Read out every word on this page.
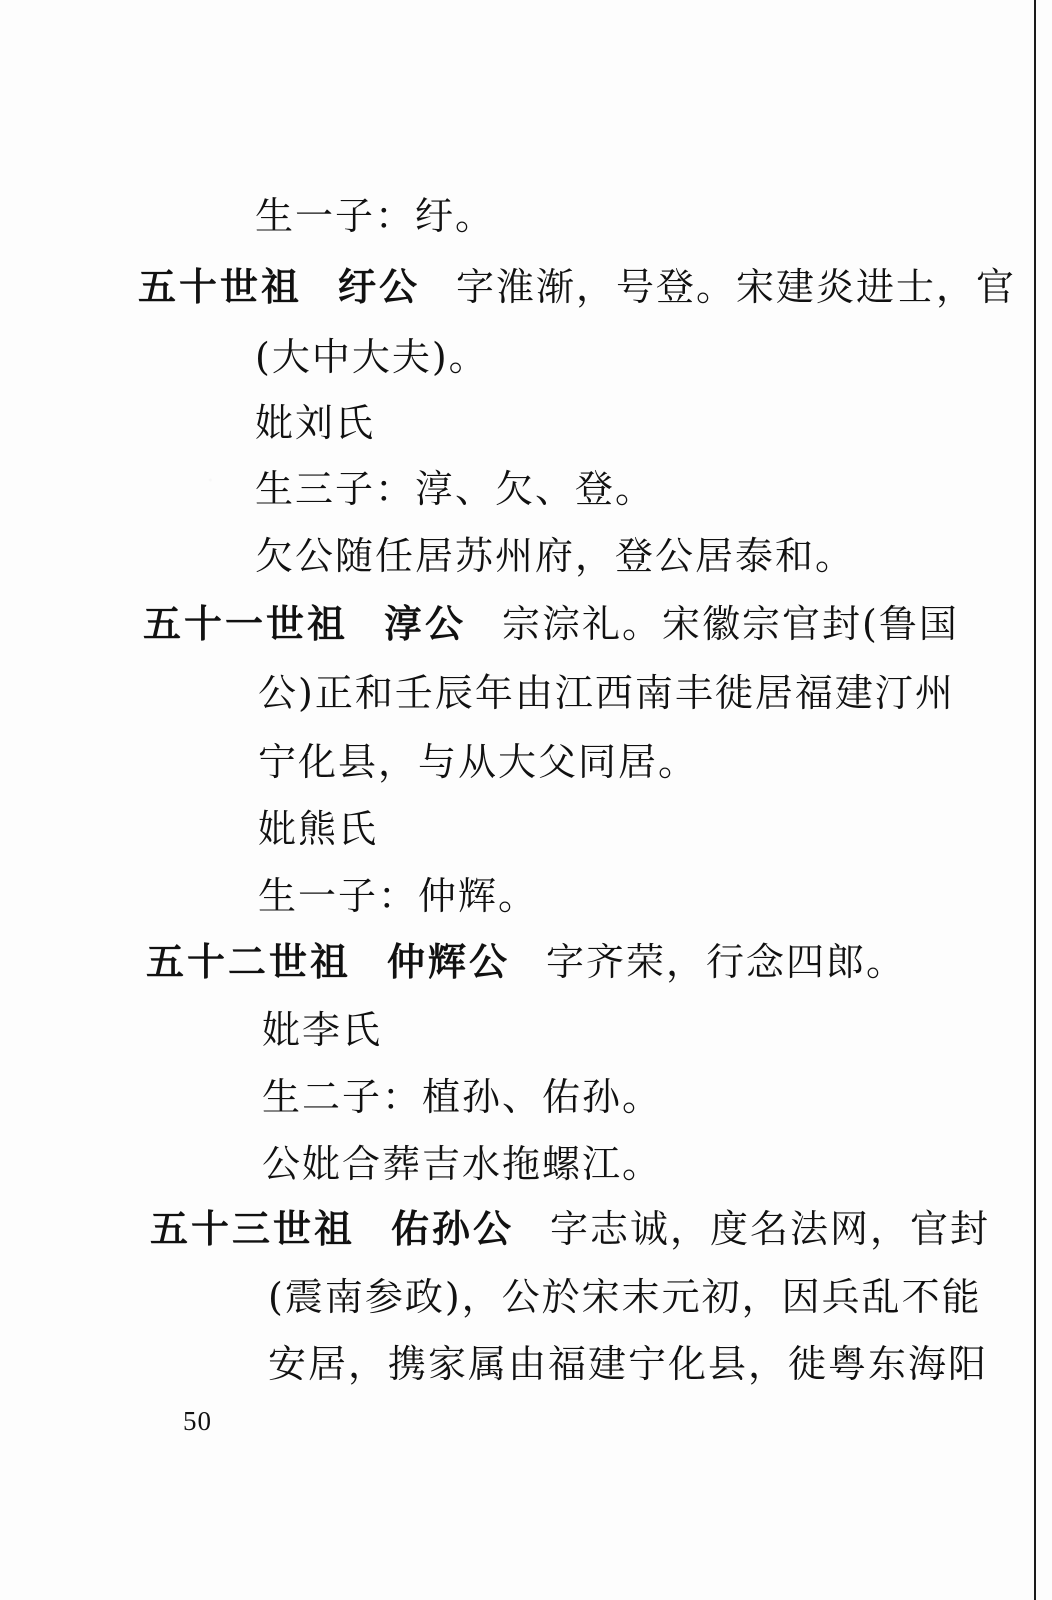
生一子：纡。
五十世祖 纡公 字淮渐，号登。宋建炎进士，官
(大中大夫)。
妣刘氏
生三子：淳、欠、登。
欠公随任居苏州府，登公居泰和。
五十一世祖 淳公 宗淙礼。宋徽宗官封(鲁国
公)正和壬辰年由江西南丰徙居福建汀州
宁化县，与从大父同居。
妣熊氏
生一子：仲辉。
五十二世祖 仲辉公 字齐荣，行念四郎。
妣李氏
生二子：植孙、佑孙。
公妣合葬吉水拖螺江。
五十三世祖 佑孙公 字志诚，度名法网，官封
(震南参政)，公於宋末元初，因兵乱不能
安居，携家属由福建宁化县，徙粤东海阳
50
